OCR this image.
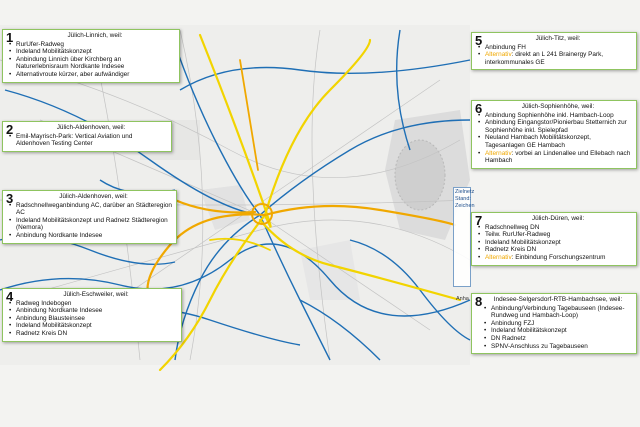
Zielnetz
Stand:
Zeichen
Anha
1	Jülich-Linnich, weil:
• RurUfer-Radweg
• Indeland Mobilitätskonzept
• Anbindung Linnich über Kirchberg an Naturerlebnisraum Nordkante Indesee
• Alternativroute kürzer, aber aufwändiger
2	Jülich-Aldenhoven, weil:
• Emil-Mayrisch-Park: Vertical Aviation und Aldenhoven Testing Center
3	Jülich-Aldenhoven, weil:
• Radschnellweganbindung AC, darüber an Städteregion AC
• Indeland Mobilitätskonzept und Radnetz Städteregion (Nemora)
• Anbindung Nordkante Indesee
4	Jülich-Eschweiler, weil:
• Radweg Indebogen
• Anbindung Nordkante Indesee
• Anbindung Blausteinsee
• Indeland Mobilitätskonzept
• Radnetz Kreis DN
5	Jülich-Titz, weil:
• Anbindung FH
• Alternativ: direkt an L 241 Brainergy Park, interkommunales GE
6	Jülich-Sophienhöhe, weil:
• Anbindung Sophienhöhe inkl. Hambach-Loop
• Anbindung Eingangstor/Pionierbau Stetternich zur Sophienhöhe inkl. Spielepfad
• Neuland Hambach Mobilitätskonzept, Tagesanlagen GE Hambach
• Alternativ: vorbei an Lindenallee und Ellebach nach Hambach
7	Jülich-Düren, weil:
• Radschnellweg DN
• Teilw. RurUfer-Radweg
• Indeland Mobilitätskonzept
• Radnetz Kreis DN
• Alternativ: Einbindung Forschungszentrum
8	Indesee-Selgersdorf-RTB-Hambachsee, weil:
• Anbindung/Verbindung Tagebauseen (Indesee-Rundweg und Hambach-Loop)
• Anbindung FZJ
• Indeland Mobilitätskonzept
• DN Radnetz
• SPNV-Anschluss zu Tagebauseen
